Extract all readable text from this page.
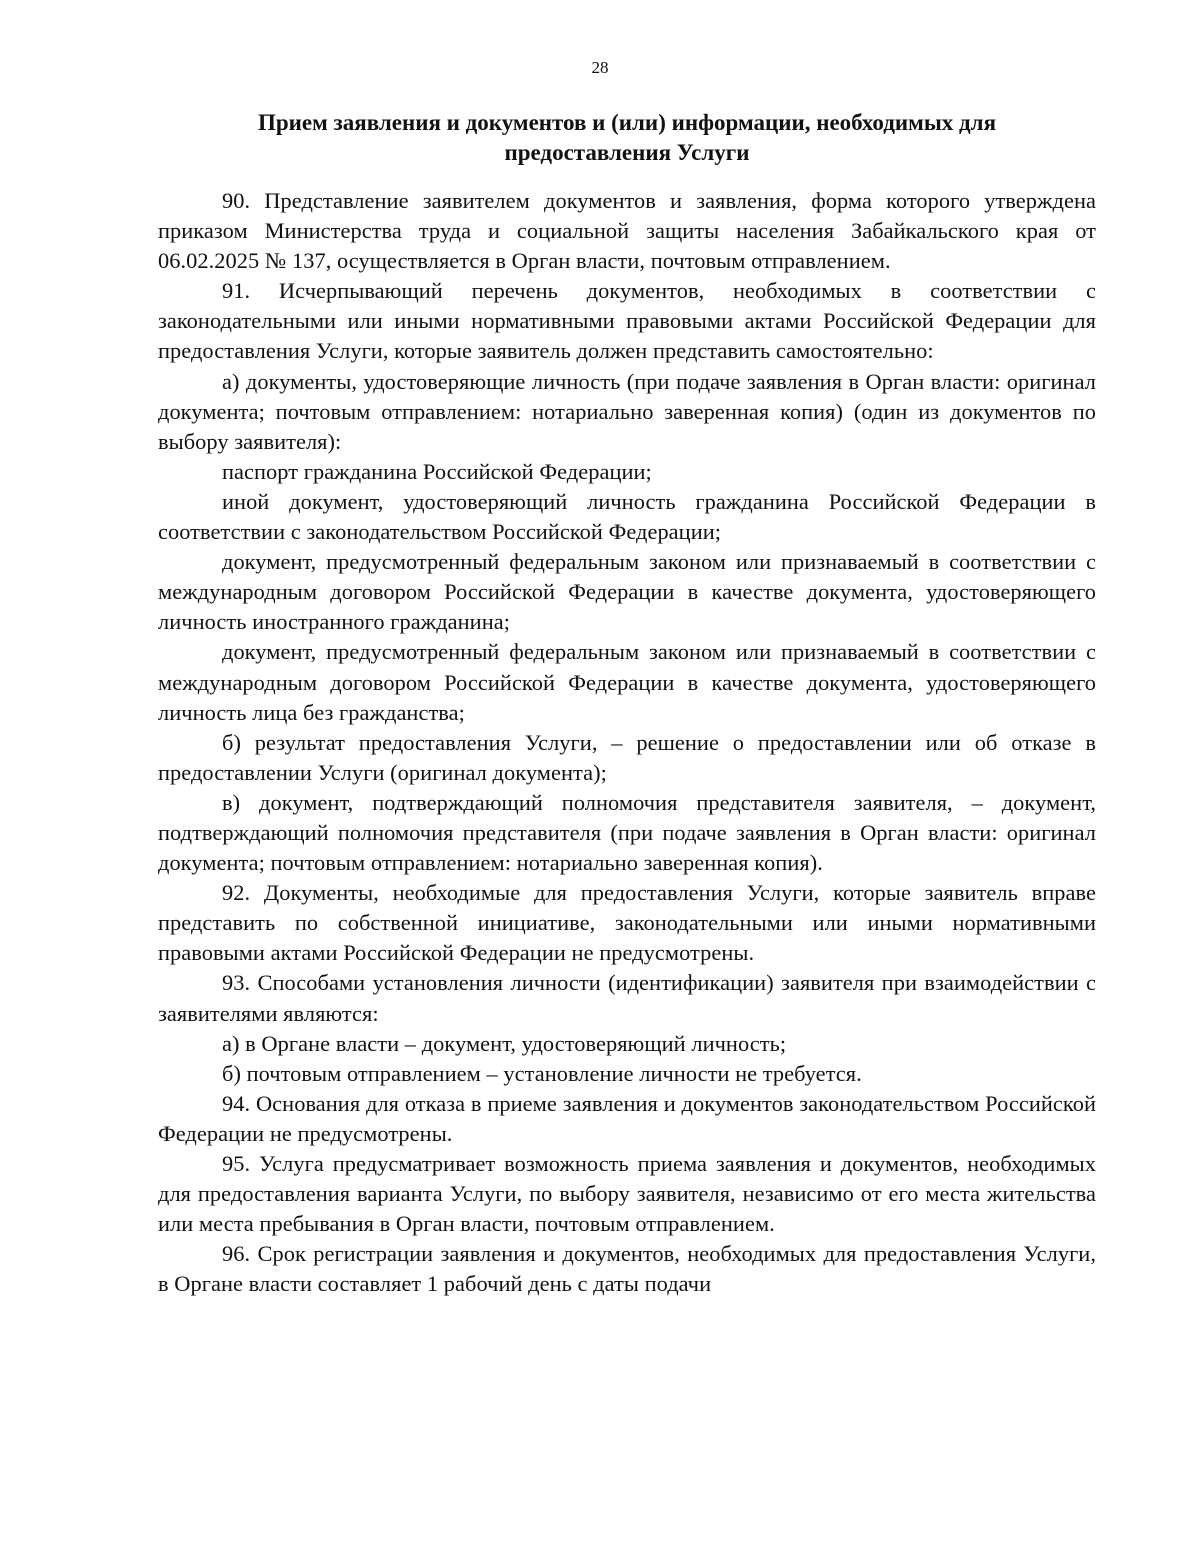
28
Прием заявления и документов и (или) информации, необходимых для
предоставления Услуги

90. Представление заявителем документов и заявления, форма которого утверждена приказом Министерства труда и социальной защиты населения Забайкальского края от 06.02.2025 № 137, осуществляется в Орган власти, почтовым отправлением.

91. Исчерпывающий перечень документов, необходимых в соответствии с законодательными или иными нормативными правовыми актами Российской Федерации для предоставления Услуги, которые заявитель должен представить самостоятельно:

а) документы, удостоверяющие личность (при подаче заявления в Орган власти: оригинал документа; почтовым отправлением: нотариально заверенная копия) (один из документов по выбору заявителя):

паспорт гражданина Российской Федерации;

иной документ, удостоверяющий личность гражданина Российской Федерации в соответствии с законодательством Российской Федерации;

документ, предусмотренный федеральным законом или признаваемый в соответствии с международным договором Российской Федерации в качестве документа, удостоверяющего личность иностранного гражданина;

документ, предусмотренный федеральным законом или признаваемый в соответствии с международным договором Российской Федерации в качестве документа, удостоверяющего личность лица без гражданства;

б) результат предоставления Услуги, – решение о предоставлении или об отказе в предоставлении Услуги (оригинал документа);

в) документ, подтверждающий полномочия представителя заявителя, – документ, подтверждающий полномочия представителя (при подаче заявления в Орган власти: оригинал документа; почтовым отправлением: нотариально заверенная копия).

92. Документы, необходимые для предоставления Услуги, которые заявитель вправе представить по собственной инициативе, законодательными или иными нормативными правовыми актами Российской Федерации не предусмотрены.

93. Способами установления личности (идентификации) заявителя при взаимодействии с заявителями являются:

а) в Органе власти – документ, удостоверяющий личность;

б) почтовым отправлением – установление личности не требуется.

94. Основания для отказа в приеме заявления и документов законодательством Российской Федерации не предусмотрены.

95. Услуга предусматривает возможность приема заявления и документов, необходимых для предоставления варианта Услуги, по выбору заявителя, независимо от его места жительства или места пребывания в Орган власти, почтовым отправлением.

96. Срок регистрации заявления и документов, необходимых для предоставления Услуги, в Органе власти составляет 1 рабочий день с даты подачи
